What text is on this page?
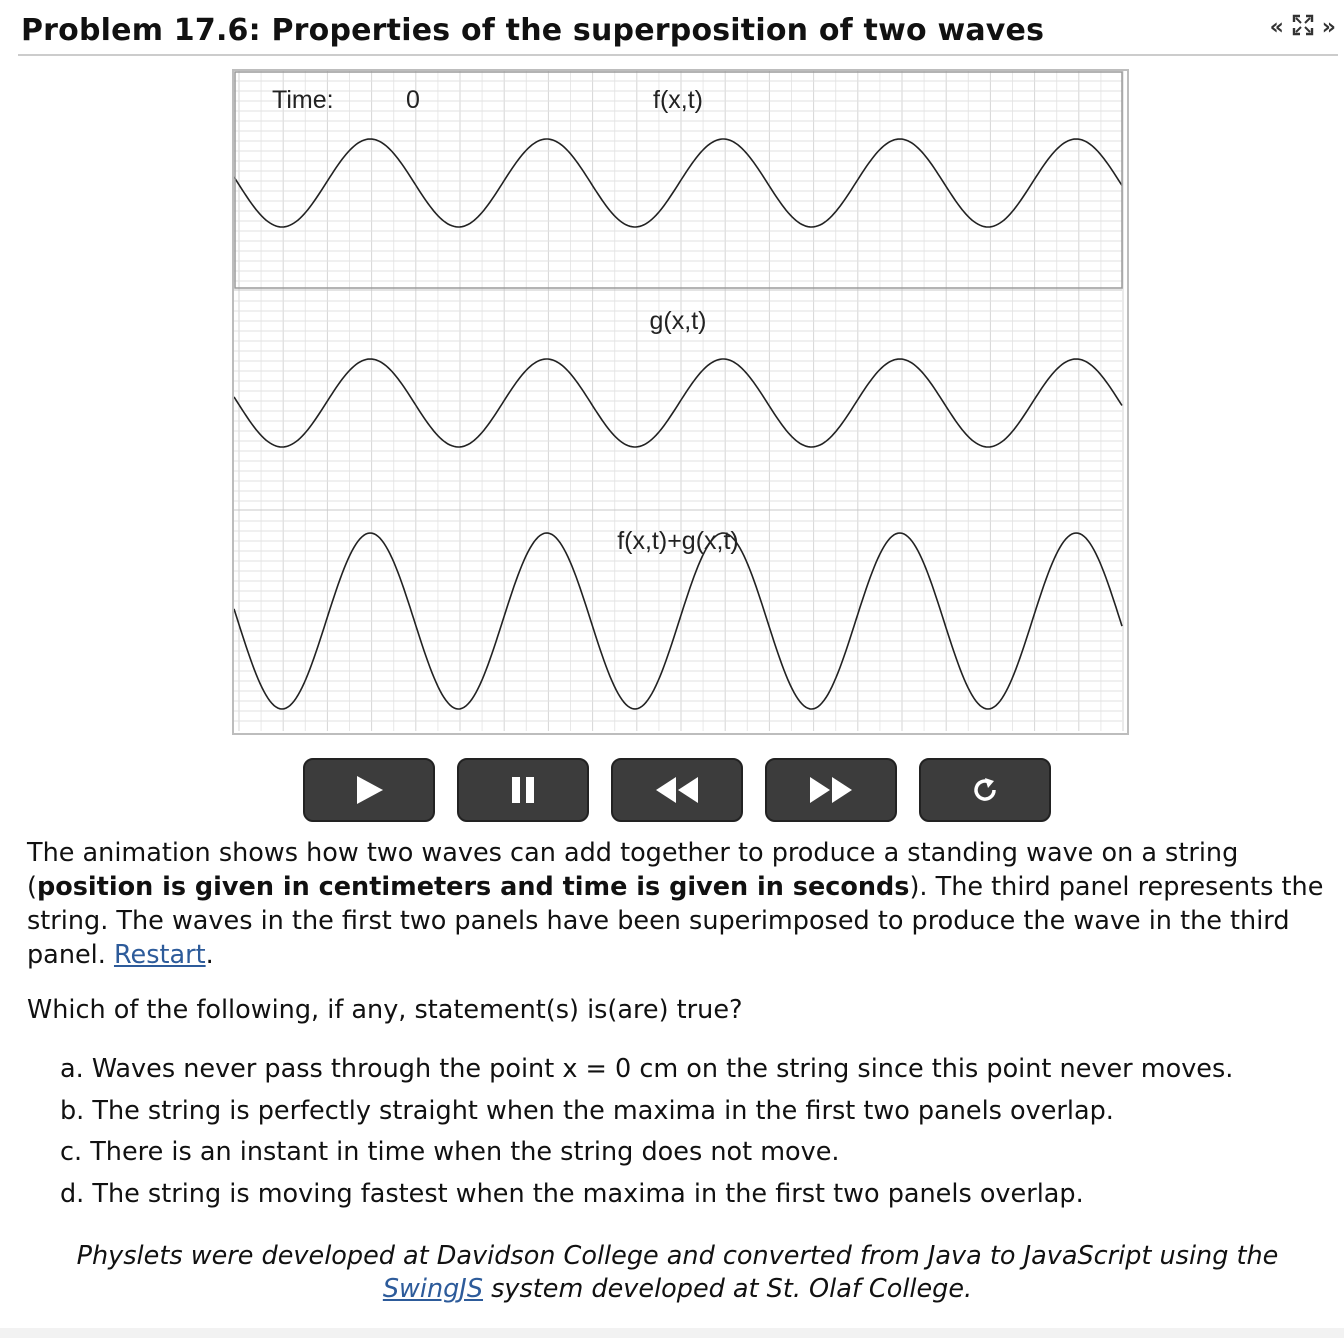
Problem 17.6: Properties of the superposition of two waves	« »
Time:	0	f(x,t)
g(x,t)
f(x,t)+g(x,t)
The animation shows how two waves can add together to produce a standing wave on a string (position is given in centimeters and time is given in seconds). The third panel represents the string. The waves in the first two panels have been superimposed to produce the wave in the third panel. Restart.
Which of the following, if any, statement(s) is(are) true?
a. Waves never pass through the point x = 0 cm on the string since this point never moves.
b. The string is perfectly straight when the maxima in the first two panels overlap.
c. There is an instant in time when the string does not move.
d. The string is moving fastest when the maxima in the first two panels overlap.
Physlets were developed at Davidson College and converted from Java to JavaScript using the
SwingJS system developed at St. Olaf College.
